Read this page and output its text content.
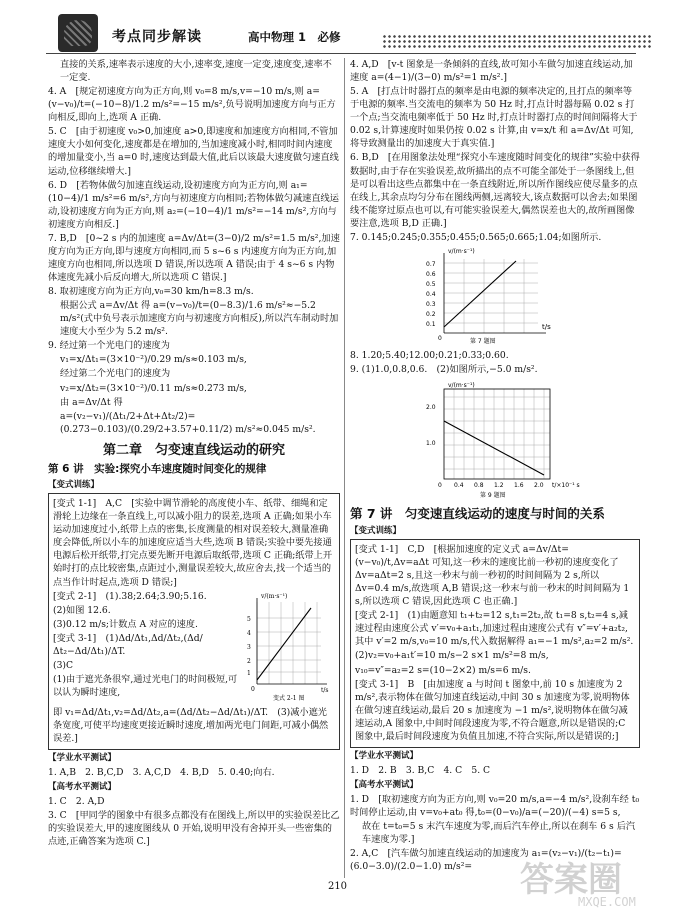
考点同步解读	高中物理 1　必修

直接的关系,速率表示速度的大小,速率变,速度一定变,速度变,速率不一定变.

4. A　[规定初速度方向为正方向,则 v₀=8 m/s,v=−10 m/s,则 a=(v−v₀)/t=(−10−8)/1.2 m/s²=−15 m/s²,负号说明加速度方向与正方向相反,即向上,选项 A 正确.

5. C　[由于初速度 v₀>0,加速度 a>0,即速度和加速度方向相同,不管加速度大小如何变化,速度都是在增加的,当加速度减小时,相同时间内速度的增加量变小,当 a=0 时,速度达到最大值,此后以该最大速度做匀速直线运动,位移继续增大.]

6. D　[若物体做匀加速直线运动,设初速度方向为正方向,则 a₁=(10−4)/1 m/s²=6 m/s²,方向与初速度方向相同;若物体做匀减速直线运动,设初速度方向为正方向,则 a₂=(−10−4)/1 m/s²=−14 m/s²,方向与初速度方向相反.]

7. B,D　[0~2 s 内的加速度 a=Δv/Δt=(3−0)/2 m/s²=1.5 m/s²,加速度方向为正方向,即与速度方向相同,而 5 s~6 s 内速度方向为正方向,加速度方向也相同,所以选项 D 错误,所以选项 A 错误;由于 4 s~6 s 内物体速度先减小后反向增大,所以选项 C 错误.]

8. 取初速度方向为正方向,v₀=30 km/h=8.3 m/s.

根据公式 a=Δv/Δt 得 a=(v−v₀)/t=(0−8.3)/1.6 m/s²≈−5.2 m/s²(式中负号表示加速度方向与初速度方向相反),所以汽车制动时加速度大小至少为 5.2 m/s².

9. 经过第一个光电门的速度为

v₁=x/Δt₁=(3×10⁻²)/0.29 m/s≈0.103 m/s,

经过第二个光电门的速度为

v₂=x/Δt₂=(3×10⁻²)/0.11 m/s≈0.273 m/s,

由 a=Δv/Δt 得

a=(v₂−v₁)/(Δt₁/2+Δt+Δt₂/2)=(0.273−0.103)/(0.29/2+3.57+0.11/2) m/s²≈0.045 m/s².

第二章　匀变速直线运动的研究
第 6 讲　实验:探究小车速度随时间变化的规律
【变式训练】

[变式 1-1]　A,C　[实验中调节滑轮的高度使小车、纸带、细绳和定滑轮上边缘在一条直线上,可以减小阻力的误差,选项 A 正确;如果小车运动加速度过小,纸带上点的密集,长度测量的相对误差较大,测量准确度会降低,所以小车的加速度应适当大些,选项 B 错误;实验中要先接通电源后松开纸带,打完点要先断开电源后取纸带,选项 C 正确;纸带上开始时打的点比较密集,点距过小,测量误差较大,故应舍去,找一个适当的点当作计时起点,选项 D 错误;]

[变式 2-1]　(1).38;2.64;3.90;5.16.

(2)如图 12.6.

(3)0.12 m/s;计数点 A 对应的速度.

[变式 3-1]　(1)Δd/Δt₁,Δd/Δt₂,(Δd/Δt₂−Δd/Δt₁)/ΔT.

(3)C

(1)由于遮光条很窄,通过光电门的时间极短,可以认为瞬时速度,

5
4
3
2
1
0
v/(m·s⁻¹)
t/s
变式 2-1 图

即 v₁=Δd/Δt₁,v₂=Δd/Δt₂,a=(Δd/Δt₂−Δd/Δt₁)/ΔT.　(3)减小遮光条宽度,可使平均速度更接近瞬时速度,增加两光电门间距,可减小偶然误差.]

【学业水平测试】

1. A,B　2. B,C,D　3. A,C,D　4. B,D　5. 0.40;向右.

【高考水平测试】

1. C　2. A,D

3. C　[甲同学的图象中有很多点都没有在图线上,所以甲的实验误差比乙的实验误差大,甲的速度图线从 0 开始,说明甲没有舍掉开头一些密集的点迹,正确答案为选项 C.]

4. A,D　[v-t 图象是一条倾斜的直线,故可知小车做匀加速直线运动,加速度 a=(4−1)/(3−0) m/s²=1 m/s².]

5. A　[打点计时器打点的频率是由电源的频率决定的,且打点的频率等于电源的频率.当交流电的频率为 50 Hz 时,打点计时器每隔 0.02 s 打一个点;当交流电频率低于 50 Hz 时,打点计时器打点的时间间隔将大于 0.02 s,计算速度时如果仍按 0.02 s 计算,由 v=x/t 和 a=Δv/Δt 可知,将导致测量出的加速度大于真实值.]

6. B,D　[在用图象法处理“探究小车速度随时间变化的规律”实验中获得数据时,由于存在实验误差,故所描出的点不可能全部处于一条图线上,但是可以看出这些点都集中在一条直线附近,所以所作图线应使尽量多的点在线上,其余点均匀分布在图线两侧,远离较大,该点数据可以舍去;如果图线不能穿过原点也可以,有可能实验误差大,偶然误差也大的,故所画图像要注意,选项 B,D 正确.]

7. 0.145;0.245;0.355;0.455;0.565;0.665;1.04;如图所示.

0.1
0.2
0.3
0.4
0.5
0.6
0.7
0
v/(m·s⁻¹)
t/s
第 7 题图

8. 1.20;5.40;12.00;0.21;0.33;0.60.

9. (1)1.0,0.8,0.6.　(2)如图所示,−5.0 m/s².

2.0
1.0
0 0.4 0.8 1.2 1.6 2.0
v/(m·s⁻¹)
t/×10⁻¹ s
第 9 题图
第 7 讲　匀变速直线运动的速度与时间的关系
【变式训练】

[变式 1-1]　C,D　[根据加速度的定义式 a=Δv/Δt=(v−v₀)/t,Δv=aΔt 可知,这一秒末的速度比前一秒初的速度变化了 Δv=aΔt=2 s,且这一秒末与前一秒初的时间间隔为 2 s,所以 Δv=0.4 m/s,故选项 A,B 错误;这一秒末与前一秒末的时间间隔为 1 s,所以选项 C 错误,因此选项 C 也正确.]

[变式 2-1]　(1)由题意知 t₁+t₂=12 s,t₁=2t₂,故 t₁=8 s,t₂=4 s,减速过程由速度公式 v′=v₀+a₁t₁,加速过程由速度公式有 v″=v′+a₂t₂,其中 v′=2 m/s,v₀=10 m/s,代入数据解得 a₁=−1 m/s²,a₂=2 m/s².

(2)v₂=v₀+a₁t′=10 m/s−2 s×1 m/s²=8 m/s,

v₁₀=v″=a₂=2 s=(10−2×2) m/s=6 m/s.

[变式 3-1]　B　[由加速度 a 与时间 t 图象中,前 10 s 加速度为 2 m/s²,表示物体在做匀加速直线运动,中间 30 s 加速度为零,说明物体在做匀速直线运动,最后 20 s 加速度为 −1 m/s²,说明物体在做匀减速运动,A 图象中,中间时间段速度为零,不符合题意,所以是错误的;C 图象中,最后时间段速度为负值且加速,不符合实际,所以是错误的;]

【学业水平测试】

1. D　2. B　3. B,C　4. C　5. C

【高考水平测试】

1. D　[取初速度方向为正方向,则 v₀=20 m/s,a=−4 m/s²,设刹车经 t₀ 时间停止运动,由 v=v₀+at₀ 得,t₀=(0−v₀)/a=(−20)/(−4) s=5 s,

故在 t=t₀=5 s 末汽车速度为零,而后汽车停止,所以在刹车 6 s 后汽车速度为零.]

2. A,C　[汽车做匀加速直线运动的加速度为 a₁=(v₂−v₁)/(t₂−t₁)=(6.0−3.0)/(2.0−1.0) m/s²=

210	答案圈
MXQE.COM
